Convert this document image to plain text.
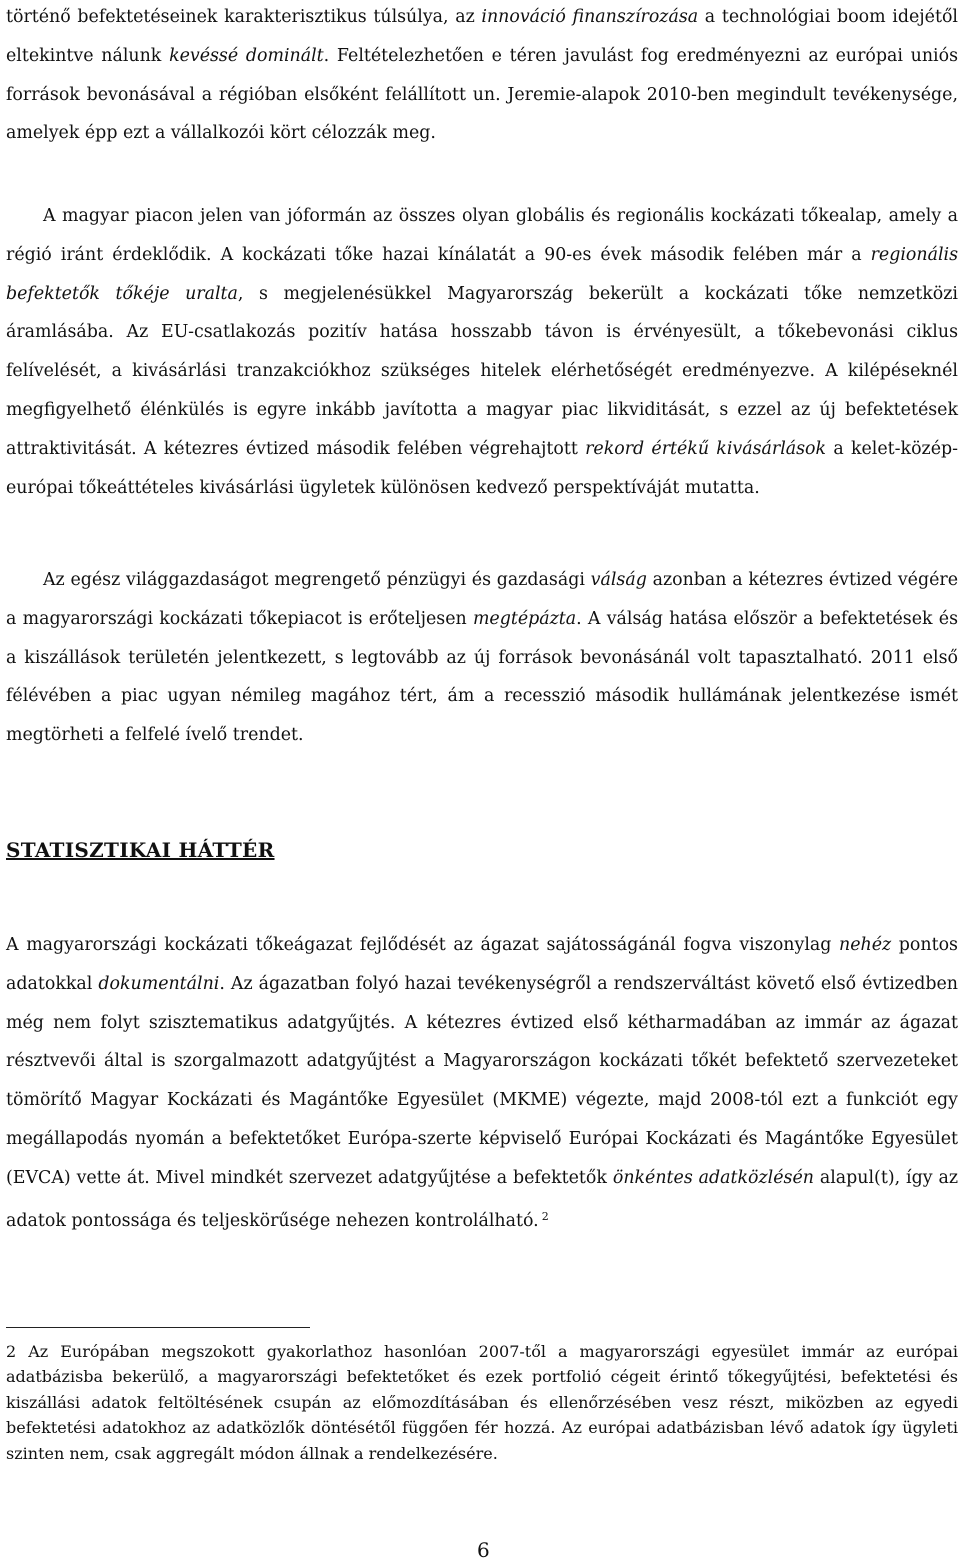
történő befektetéseinek karakterisztikus túlsúlya, az innováció finanszírozása a technológiai boom idejétől eltekintve nálunk kevéssé dominált. Feltételezhetően e téren javulást fog eredményezni az európai uniós források bevonásával a régióban elsőként felállított un. Jeremie-alapok 2010-ben megindult tevékenysége, amelyek épp ezt a vállalkozói kört célozzák meg.

A magyar piacon jelen van jóformán az összes olyan globális és regionális kockázati tőkealap, amely a régió iránt érdeklődik. A kockázati tőke hazai kínálatát a 90-es évek második felében már a regionális befektetők tőkéje uralta, s megjelenésükkel Magyarország bekerült a kockázati tőke nemzetközi áramlásába. Az EU-csatlakozás pozitív hatása hosszabb távon is érvényesült, a tőkebevonási ciklus felívelését, a kivásárlási tranzakciókhoz szükséges hitelek elérhetőségét eredményezve. A kilépéseknél megfigyelhető élénkülés is egyre inkább javította a magyar piac likviditását, s ezzel az új befektetések attraktivitását. A kétezres évtized második felében végrehajtott rekord értékű kivásárlások a kelet-közép-európai tőkeáttételes kivásárlási ügyletek különösen kedvező perspektíváját mutatta.

Az egész világgazdaságot megrengető pénzügyi és gazdasági válság azonban a kétezres évtized végére a magyarországi kockázati tőkepiacot is erőteljesen megtépázta. A válság hatása először a befektetések és a kiszállások területén jelentkezett, s legtovább az új források bevonásánál volt tapasztalható. 2011 első félévében a piac ugyan némileg magához tért, ám a recesszió második hullámának jelentkezése ismét megtörheti a felfelé ívelő trendet.

STATISZTIKAI HÁTTÉR

A magyarországi kockázati tőkeágazat fejlődését az ágazat sajátosságánál fogva viszonylag nehéz pontos adatokkal dokumentálni. Az ágazatban folyó hazai tevékenységről a rendszerváltást követő első évtizedben még nem folyt szisztematikus adatgyűjtés. A kétezres évtized első kétharmadában az immár az ágazat résztvevői által is szorgalmazott adatgyűjtést a Magyarországon kockázati tőkét befektető szervezeteket tömörítő Magyar Kockázati és Magántőke Egyesület (MKME) végezte, majd 2008-tól ezt a funkciót egy megállapodás nyomán a befektetőket Európa-szerte képviselő Európai Kockázati és Magántőke Egyesület (EVCA) vette át. Mivel mindkét szervezet adatgyűjtése a befektetők önkéntes adatközlésén alapul(t), így az adatok pontossága és teljeskörűsége nehezen kontrolálható. $^2$

2 Az Európában megszokott gyakorlathoz hasonlóan 2007-től a magyarországi egyesület immár az európai adatbázisba bekerülő, a magyarországi befektetőket és ezek portfolió cégeit érintő tőkegyűjtési, befektetési és kiszállási adatok feltöltésének csupán az előmozdításában és ellenőrzésében vesz részt, miközben az egyedi befektetési adatokhoz az adatközlők döntésétől függően fér hozzá. Az európai adatbázisban lévő adatok így ügyleti szinten nem, csak aggregált módon állnak a rendelkezésére.

6
